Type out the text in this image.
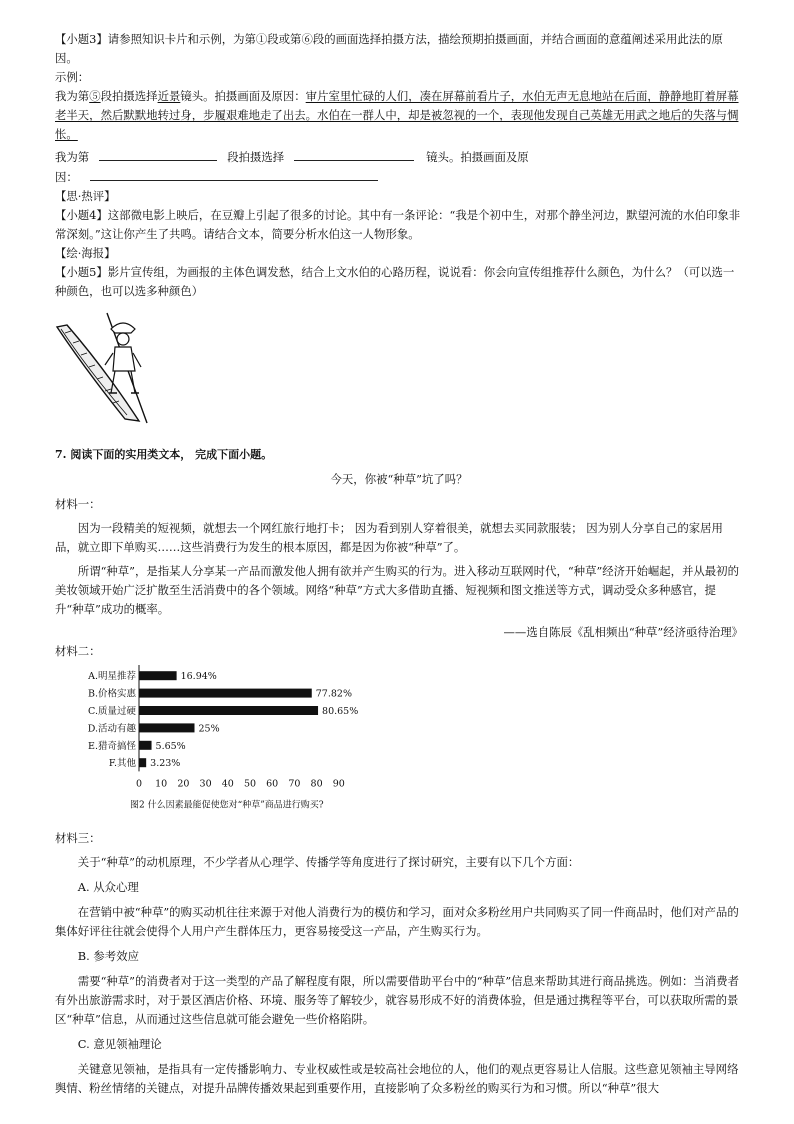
【小题3】请参照知识卡片和示例，为第①段或第⑥段的画面选择拍摄方法，描绘预期拍摄画面，并结合画面的意蕴阐述采用此法的原因。

示例：

我为第⑤段拍摄选择近景镜头。拍摄画面及原因：审片室里忙碌的人们，凑在屏幕前看片子，水伯无声无息地站在后面，静静地盯着屏幕老半天，然后默默地转过身，步履艰难地走了出去。水伯在一群人中，却是被忽视的一个，表现他发现自己英雄无用武之地后的失落与惆怅。

我为第	段拍摄选择	镜头。拍摄画面及原

因：

【思·热评】

【小题4】这部微电影上映后，在豆瓣上引起了很多的讨论。其中有一条评论：“我是个初中生，对那个静坐河边，默望河流的水伯印象非常深刻。”这让你产生了共鸣。请结合文本，简要分析水伯这一人物形象。

【绘·海报】

【小题5】影片宣传组，为画报的主体色调发愁，结合上文水伯的心路历程，说说看：你会向宣传组推荐什么颜色，为什么？（可以选一种颜色，也可以选多种颜色）

7. 阅读下面的实用类文本， 完成下面小题。

今天，你被“种草”坑了吗？

材料一：

因为一段精美的短视频，就想去一个网红旅行地打卡； 因为看到别人穿着很美，就想去买同款服装； 因为别人分享自己的家居用品，就立即下单购买……这些消费行为发生的根本原因，都是因为你被“种草”了。

所谓“种草”，是指某人分享某一产品而激发他人拥有欲并产生购买的行为。进入移动互联网时代，“种草”经济开始崛起，并从最初的美妆领域开始广泛扩散至生活消费中的各个领域。网络“种草”方式大多借助直播、短视频和图文推送等方式，调动受众多种感官，提升“种草”成功的概率。

——选自陈辰《乱相频出“种草”经济亟待治理》

材料二：

A.明星推荐	16.94%
B.价格实惠	77.82%
C.质量过硬	80.65%
D.活动有趣	25%
E.猎奇搞怪 5.65%
F.其他 3.23%
0 10 20 30 40 50 60 70 80 90
图2 什么因素最能促使您对“种草”商品进行购买?

材料三：

关于“种草”的动机原理，不少学者从心理学、传播学等角度进行了探讨研究，主要有以下几个方面：

A. 从众心理

在营销中被“种草”的购买动机往往来源于对他人消费行为的模仿和学习，面对众多粉丝用户共同购买了同一件商品时，他们对产品的集体好评往往就会使得个人用户产生群体压力，更容易接受这一产品，产生购买行为。

B. 参考效应

需要“种草”的消费者对于这一类型的产品了解程度有限，所以需要借助平台中的“种草”信息来帮助其进行商品挑选。例如：当消费者有外出旅游需求时，对于景区酒店价格、环境、服务等了解较少，就容易形成不好的消费体验，但是通过携程等平台，可以获取所需的景区“种草”信息，从而通过这些信息就可能会避免一些价格陷阱。

C. 意见领袖理论

关键意见领袖，是指具有一定传播影响力、专业权威性或是较高社会地位的人，他们的观点更容易让人信服。这些意见领袖主导网络舆情、粉丝情绪的关键点，对提升品牌传播效果起到重要作用，直接影响了众多粉丝的购买行为和习惯。所以“种草”很大
